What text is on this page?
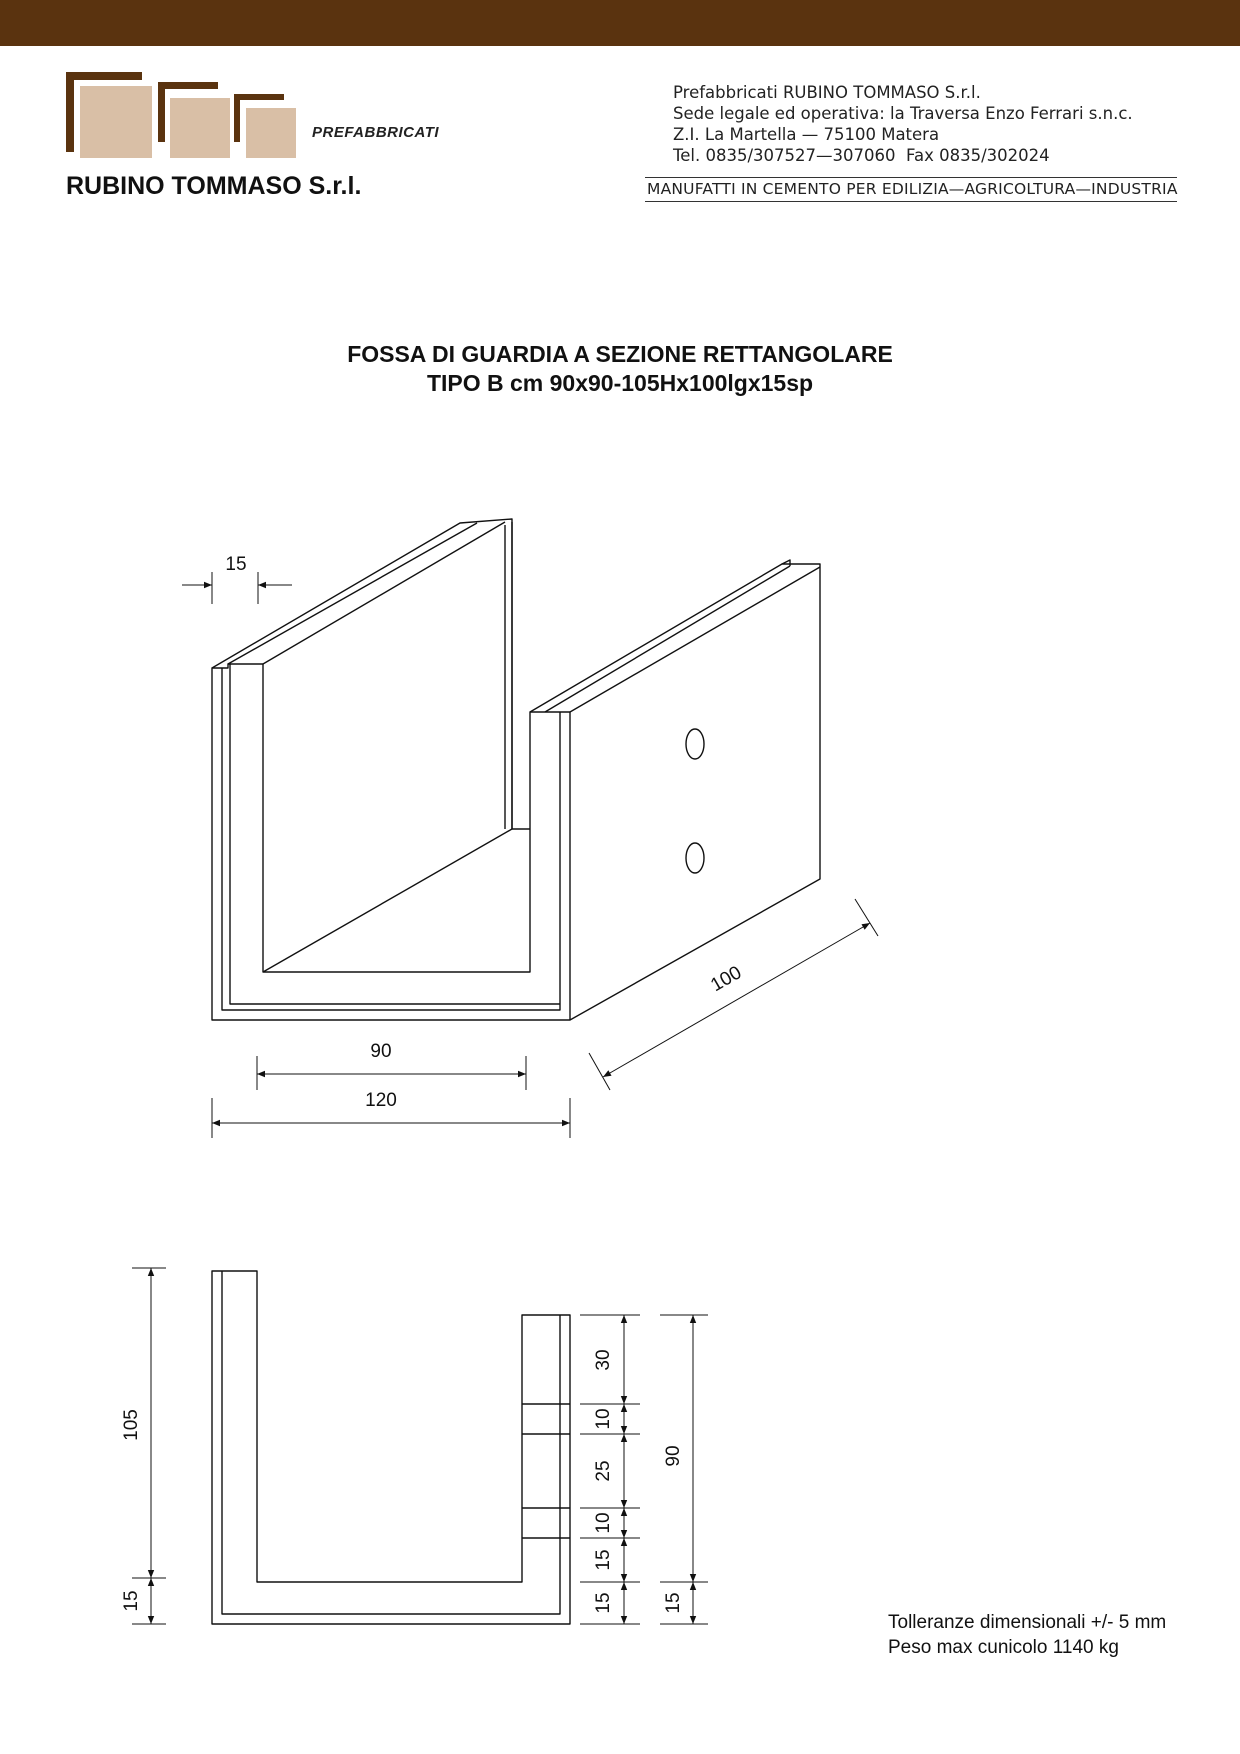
PREFABBRICATI
RUBINO TOMMASO S.r.l.
Prefabbricati RUBINO TOMMASO S.r.l.
Sede legale ed operativa: la Traversa Enzo Ferrari s.n.c.
Z.I. La Martella — 75100 Matera
Tel. 0835/307527—307060  Fax 0835/302024
MANUFATTI IN CEMENTO PER EDILIZIA—AGRICOLTURA—INDUSTRIA
FOSSA DI GUARDIA A SEZIONE RETTANGOLARE
TIPO B cm 90x90-105Hx100lgx15sp
15
90
120
100
105
15
30
10
25
10
15
15
90
15
Tolleranze dimensionali +/- 5 mm
Peso max cunicolo 1140 kg
